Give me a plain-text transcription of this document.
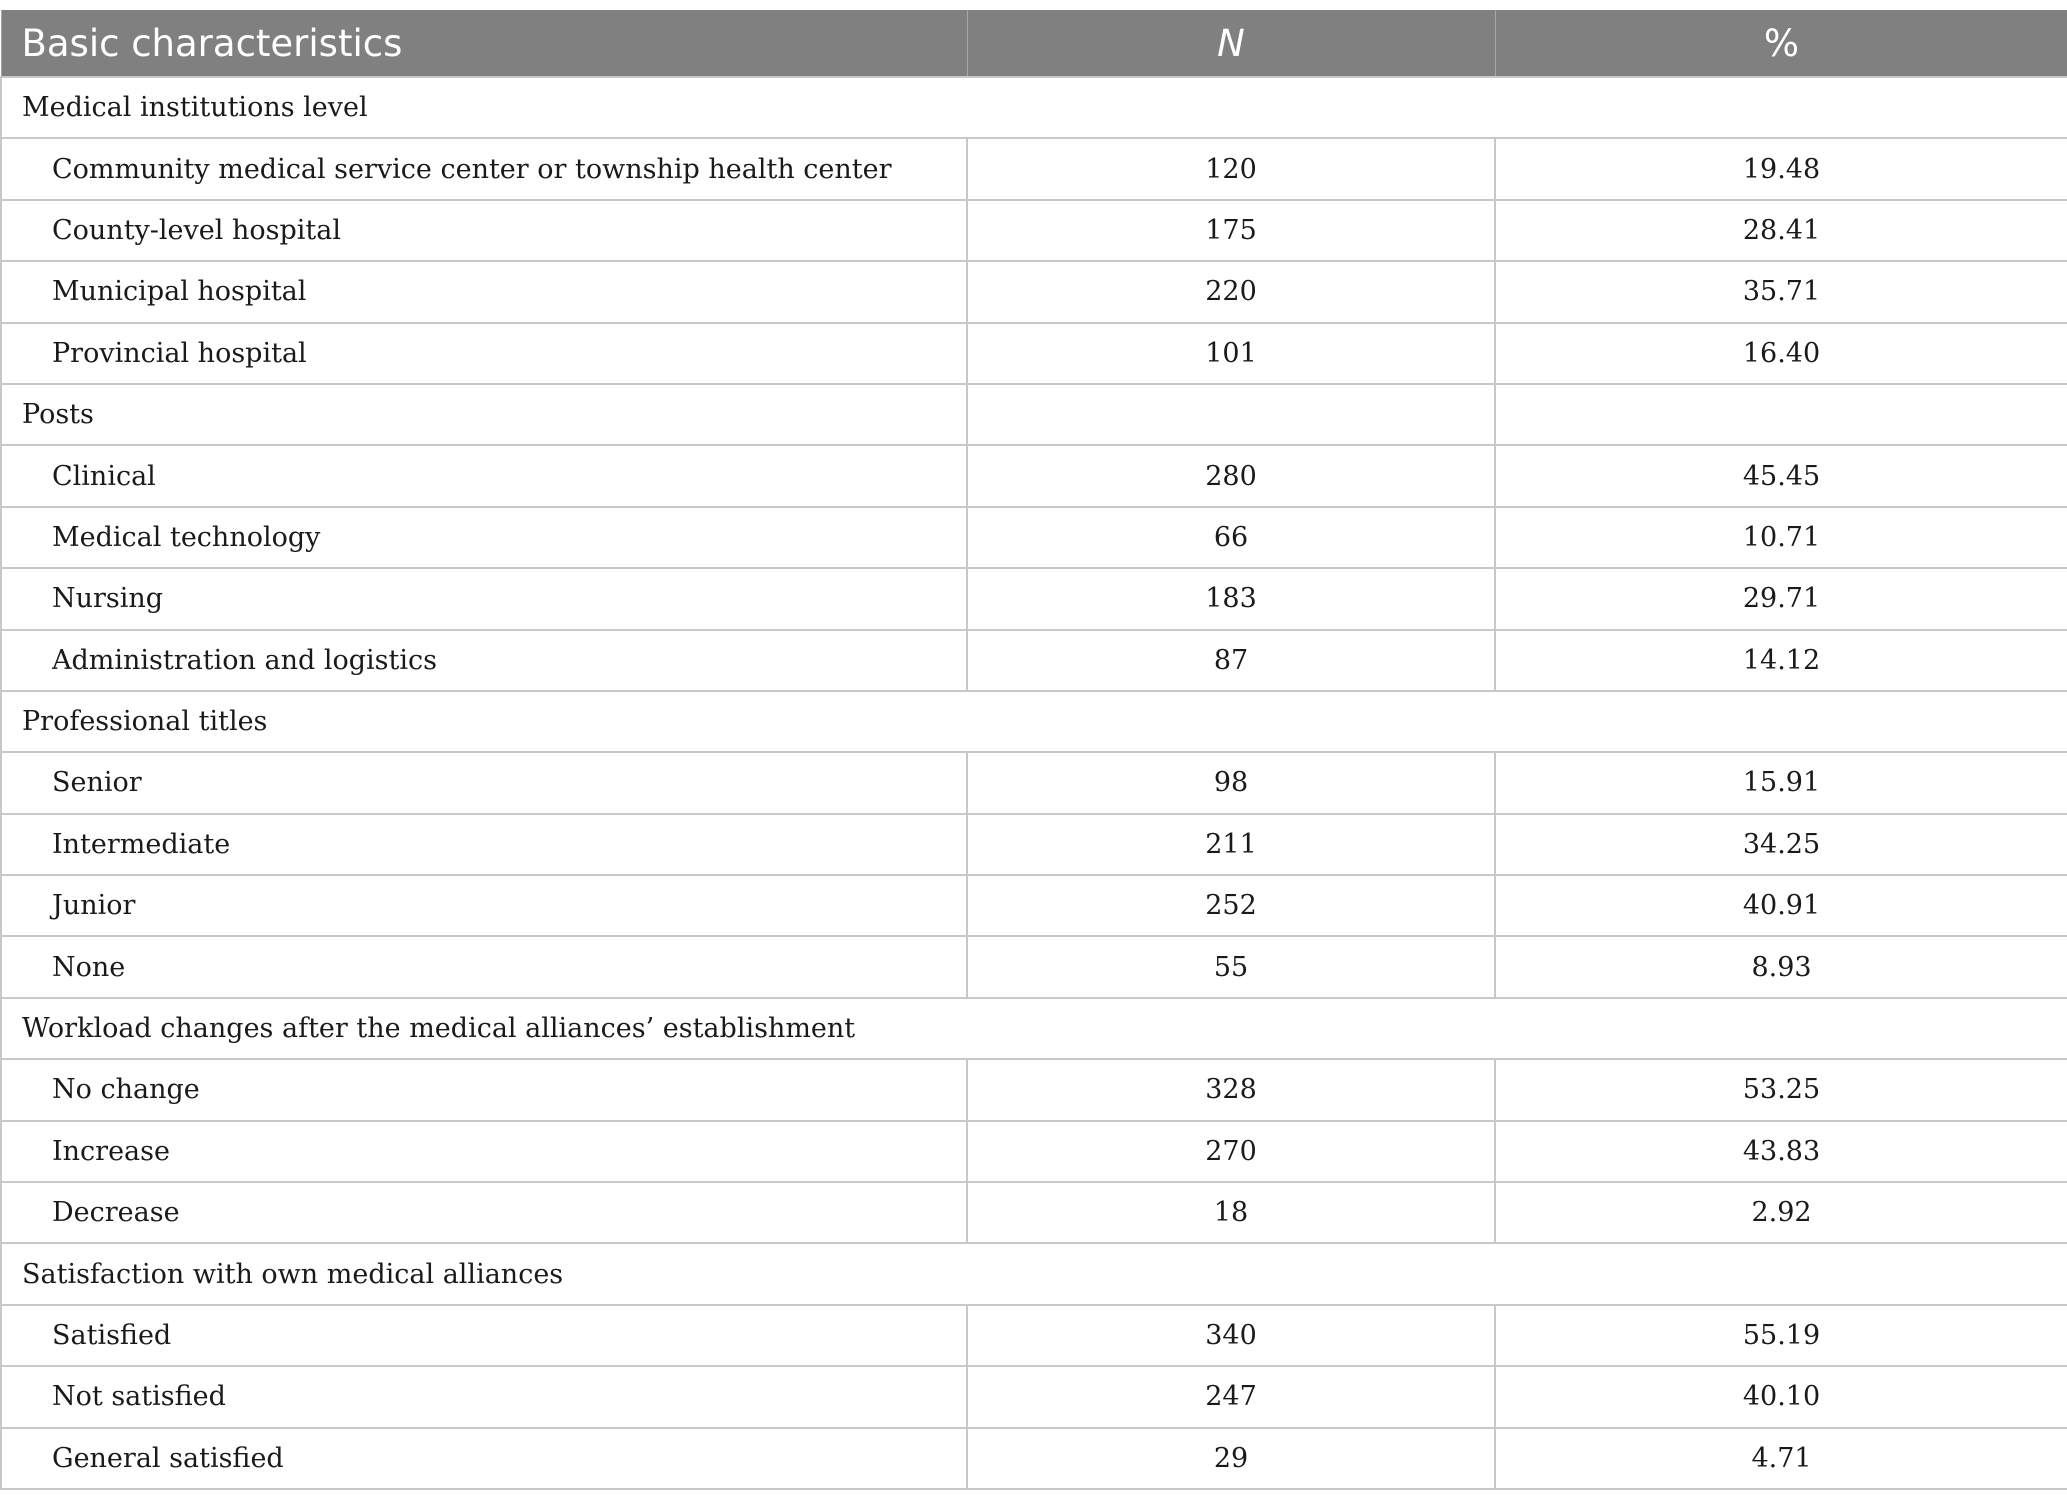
Basic characteristics	N	%
Medical institutions level		
Community medical service center or township health center	120	19.48
County-level hospital	175	28.41
Municipal hospital	220	35.71
Provincial hospital	101	16.40
Posts		
Clinical	280	45.45
Medical technology	66	10.71
Nursing	183	29.71
Administration and logistics	87	14.12
Professional titles		
Senior	98	15.91
Intermediate	211	34.25
Junior	252	40.91
None	55	8.93
Workload changes after the medical alliances’ establishment		
No change	328	53.25
Increase	270	43.83
Decrease	18	2.92
Satisfaction with own medical alliances		
Satisfied	340	55.19
Not satisfied	247	40.10
General satisfied	29	4.71
